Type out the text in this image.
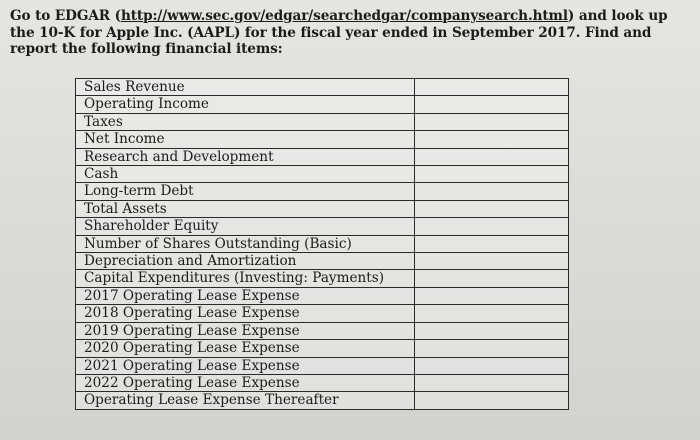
Go to EDGAR (http://www.sec.gov/edgar/searchedgar/companysearch.html) and look up the 10-K for Apple Inc. (AAPL) for the fiscal year ended in September 2017. Find and report the following financial items:
Sales Revenue	
Operating Income	
Taxes	
Net Income	
Research and Development	
Cash	
Long-term Debt	
Total Assets	
Shareholder Equity	
Number of Shares Outstanding (Basic)	
Depreciation and Amortization	
Capital Expenditures (Investing: Payments)	
2017 Operating Lease Expense	
2018 Operating Lease Expense	
2019 Operating Lease Expense	
2020 Operating Lease Expense	
2021 Operating Lease Expense	
2022 Operating Lease Expense	
Operating Lease Expense Thereafter	
